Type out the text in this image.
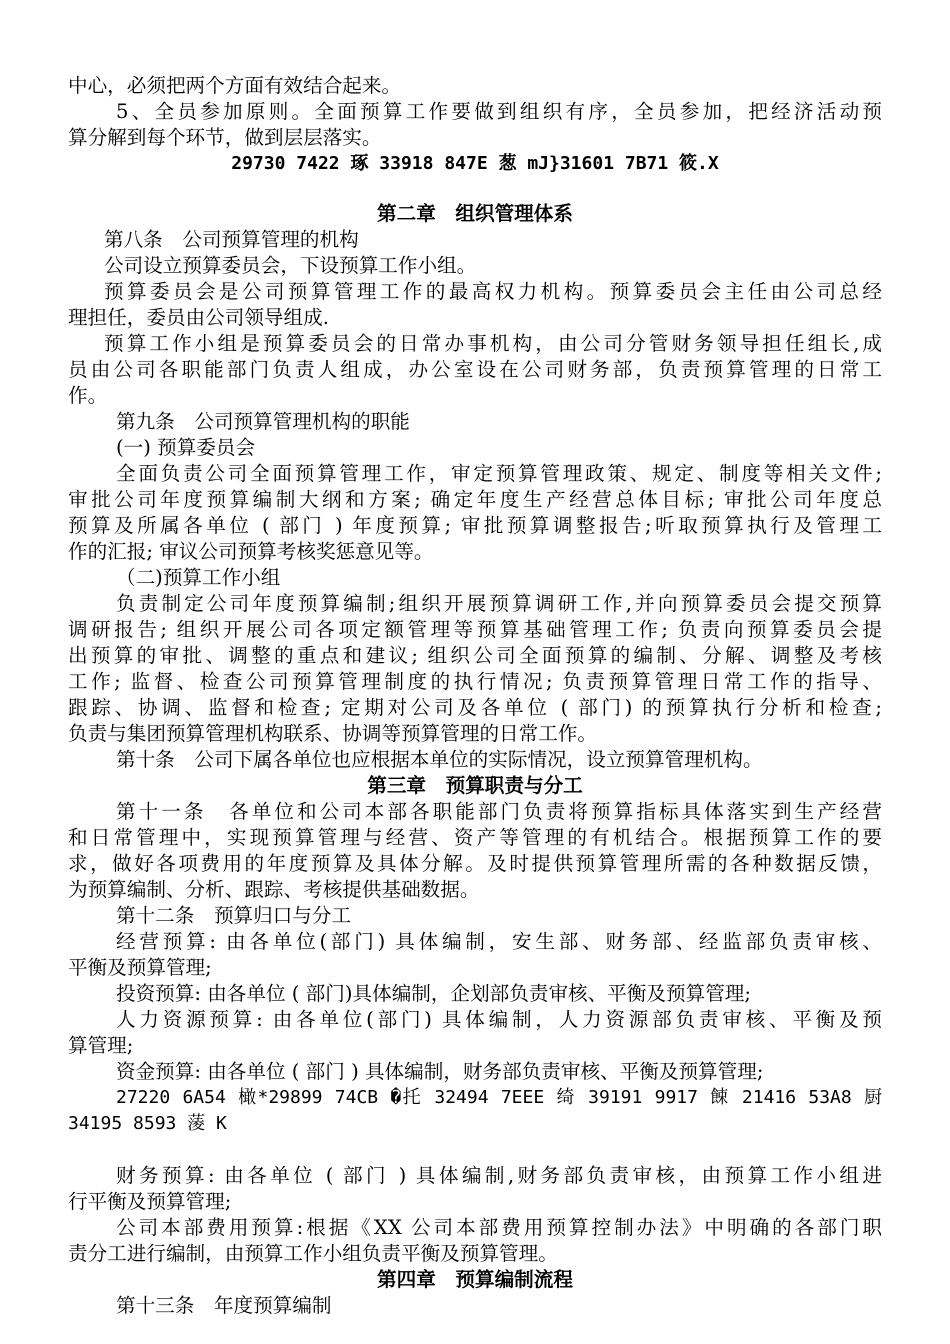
中心，必须把两个方面有效结合起来。
5、全员参加原则。全面预算工作要做到组织有序，全员参加，把经济活动预
算分解到每个环节，做到层层落实。
29730 7422 琢 33918 847E 葱 mJ}31601 7B71 筱.X
第二章　组织管理体系
第八条　公司预算管理的机构
公司设立预算委员会，下设预算工作小组。
预算委员会是公司预算管理工作的最高权力机构。预算委员会主任由公司总经
理担任，委员由公司领导组成.
预算工作小组是预算委员会的日常办事机构，由公司分管财务领导担任组长,成
员由公司各职能部门负责人组成，办公室设在公司财务部，负责预算管理的日常工
作。
第九条　公司预算管理机构的职能
(一) 预算委员会
全面负责公司全面预算管理工作，审定预算管理政策、规定、制度等相关文件;
审批公司年度预算编制大纲和方案; 确定年度生产经营总体目标; 审批公司年度总
预算及所属各单位 ( 部门 ) 年度预算; 审批预算调整报告;听取预算执行及管理工
作的汇报; 审议公司预算考核奖惩意见等。
（二)预算工作小组
负责制定公司年度预算编制;组织开展预算调研工作,并向预算委员会提交预算
调研报告; 组织开展公司各项定额管理等预算基础管理工作; 负责向预算委员会提
出预算的审批、调整的重点和建议; 组织公司全面预算的编制、分解、调整及考核
工作; 监督、检查公司预算管理制度的执行情况; 负责预算管理日常工作的指导、
跟踪、协调、监督和检查; 定期对公司及各单位 ( 部门) 的预算执行分析和检查;
负责与集团预算管理机构联系、协调等预算管理的日常工作。
第十条　公司下属各单位也应根据本单位的实际情况，设立预算管理机构。
第三章　预算职责与分工
第十一条　各单位和公司本部各职能部门负责将预算指标具体落实到生产经营
和日常管理中，实现预算管理与经营、资产等管理的有机结合。根据预算工作的要
求，做好各项费用的年度预算及具体分解。及时提供预算管理所需的各种数据反馈，
为预算编制、分析、跟踪、考核提供基础数据。
第十二条　预算归口与分工
经营预算: 由各单位(部门) 具体编制，安生部、财务部、经监部负责审核、
平衡及预算管理;
投资预算: 由各单位 ( 部门)具体编制，企划部负责审核、平衡及预算管理;
人力资源预算: 由各单位(部门) 具体编制，人力资源部负责审核、平衡及预
算管理;
资金预算: 由各单位 ( 部门 ) 具体编制，财务部负责审核、平衡及预算管理;
27220 6A54 橄*29899 74CB �托 32494 7EEE 绮 39191 9917 餗 21416 53A8 厨
34195 8593 蔆 K
财务预算: 由各单位 ( 部门 ) 具体编制,财务部负责审核，由预算工作小组进
行平衡及预算管理;
公司本部费用预算:根据《XX 公司本部费用预算控制办法》中明确的各部门职
责分工进行编制，由预算工作小组负责平衡及预算管理。
第四章　预算编制流程
第十三条　年度预算编制
